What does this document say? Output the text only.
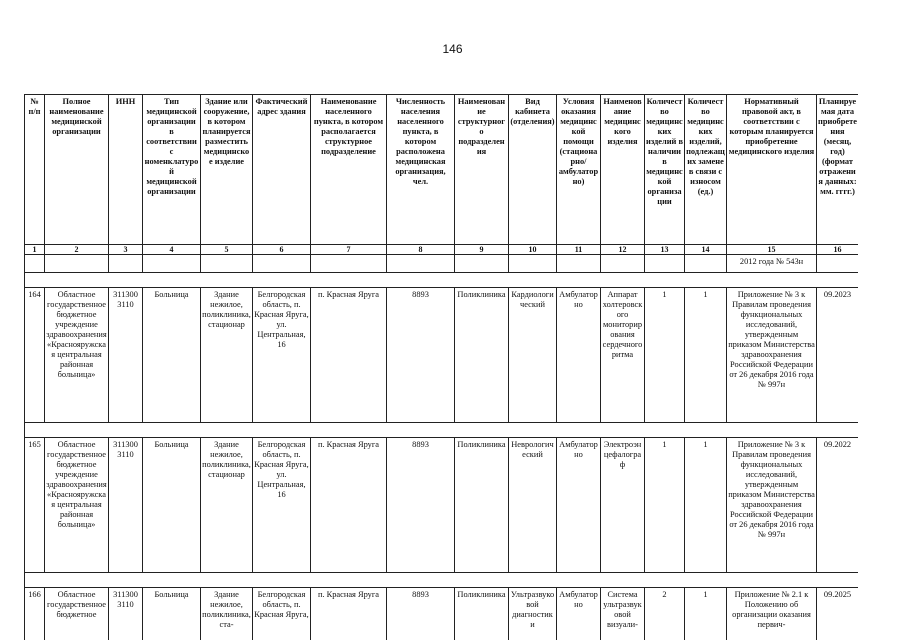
146
№ п/п	Полное наименование медицинской организации	ИНН	Тип медицинской организации в соответствии с номенклатурой медицинской организации	Здание или сооружение, в котором планируется разместить медицинское изделие	Фактический адрес здания	Наименование населенного пункта, в котором располагается структурное подразделение	Численность населения населенного пункта, в котором расположена медицинская организация, чел.	Наименование структурного подразделения	Вид кабинета (отделения)	Условия оказания медицинской помощи (стационарно/амбулаторно)	Наименование медицинского изделия	Количество медицинских изделий в наличии в медицинской организации	Количество медицинских изделий, подлежащих замене в связи с износом (ед.)	Нормативный правовой акт, в соответствии с которым планируется приобретение медицинского изделия	Планируемая дата приобретения (месяц, год) (формат отражения данных: мм. гггг.)
1	2	3	4	5	6	7	8	9	10	11	12	13	14	15	16
														2012 года № 543н	

164	Областное государственное бюджетное учреждение здравоохранения «Краснояружская центральная районная больница»	311300 3110	Больница	Здание нежилое, поликлиника, стационар	Белгородская область, п. Красная Яруга, ул. Центральная, 16	п. Красная Яруга	8893	Поликлиника	Кардиологический	Амбулаторно	Аппарат холтеровского мониторирования сердечного ритма	1	1	Приложение № 3 к Правилам проведения функциональных исследований, утвержденным приказом Министерства здравоохранения Российской Федерации от 26 декабря 2016 года № 997н	09.2023

165	Областное государственное бюджетное учреждение здравоохранения «Краснояружская центральная районная больница»	311300 3110	Больница	Здание нежилое, поликлиника, стационар	Белгородская область, п. Красная Яруга, ул. Центральная, 16	п. Красная Яруга	8893	Поликлиника	Неврологический	Амбулаторно	Электроэнцефалограф	1	1	Приложение № 3 к Правилам проведения функциональных исследований, утвержденным приказом Министерства здравоохранения Российской Федерации от 26 декабря 2016 года № 997н	09.2022

166	Областное государственное бюджетное	311300 3110	Больница	Здание нежилое, поликлиника, ста-	Белгородская область, п. Красная Яруга,	п. Красная Яруга	8893	Поликлиника	Ультразвуковой диагностики	Амбулаторно	Система ультразвуковой визуали-	2	1	Приложение № 2.1 к Положению об организации оказания первич-	09.2025
